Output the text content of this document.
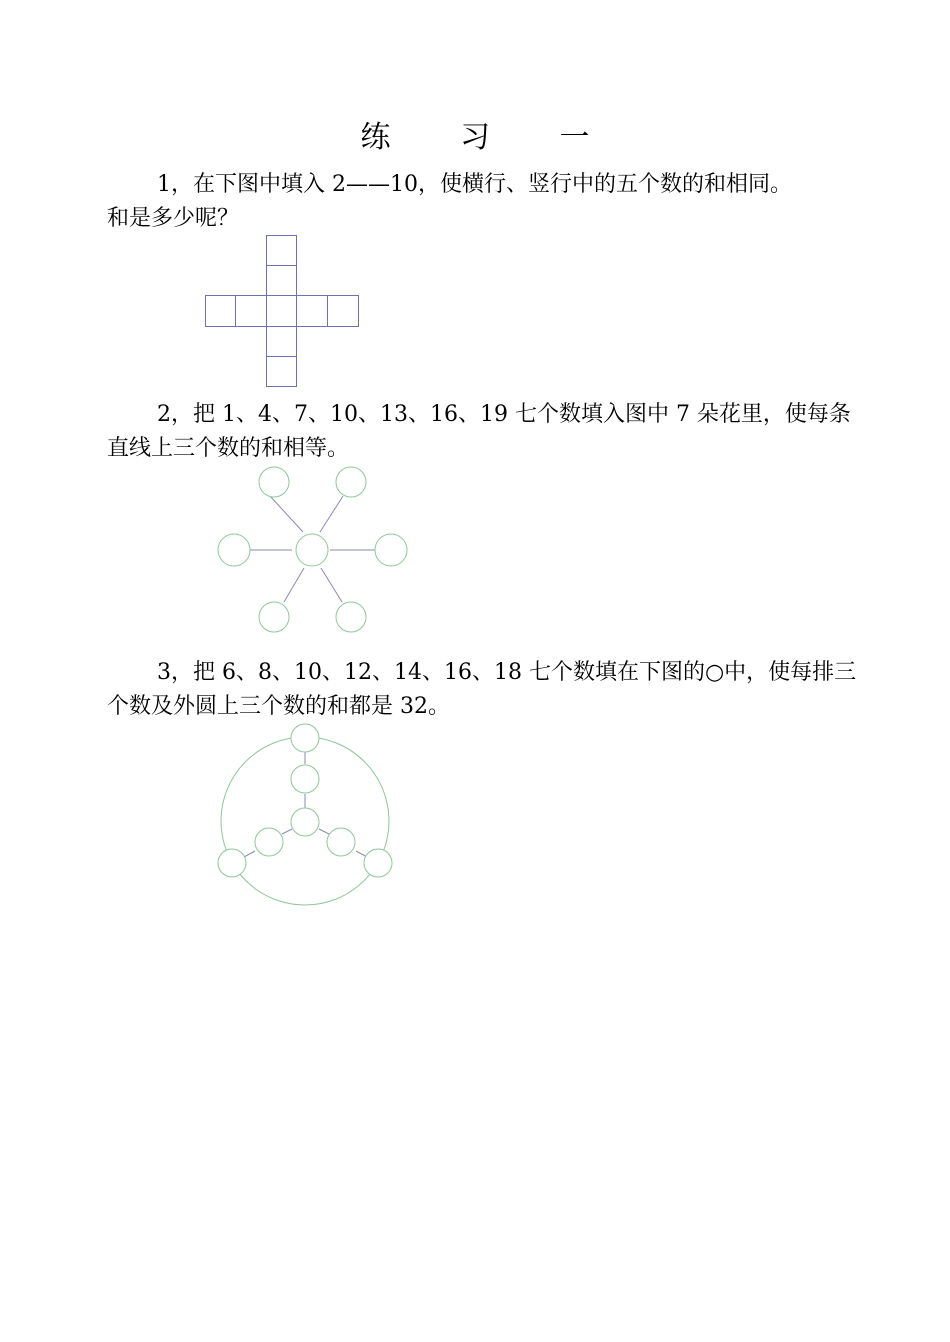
练 习 一
1，在下图中填入 2——10，使横行、竖行中的五个数的和相同。
和是多少呢？
2，把 1、4、7、10、13、16、19 七个数填入图中 7 朵花里，使每条
直线上三个数的和相等。
3，把 6、8、10、12、14、16、18 七个数填在下图的○中，使每排三
个数及外圆上三个数的和都是 32。
